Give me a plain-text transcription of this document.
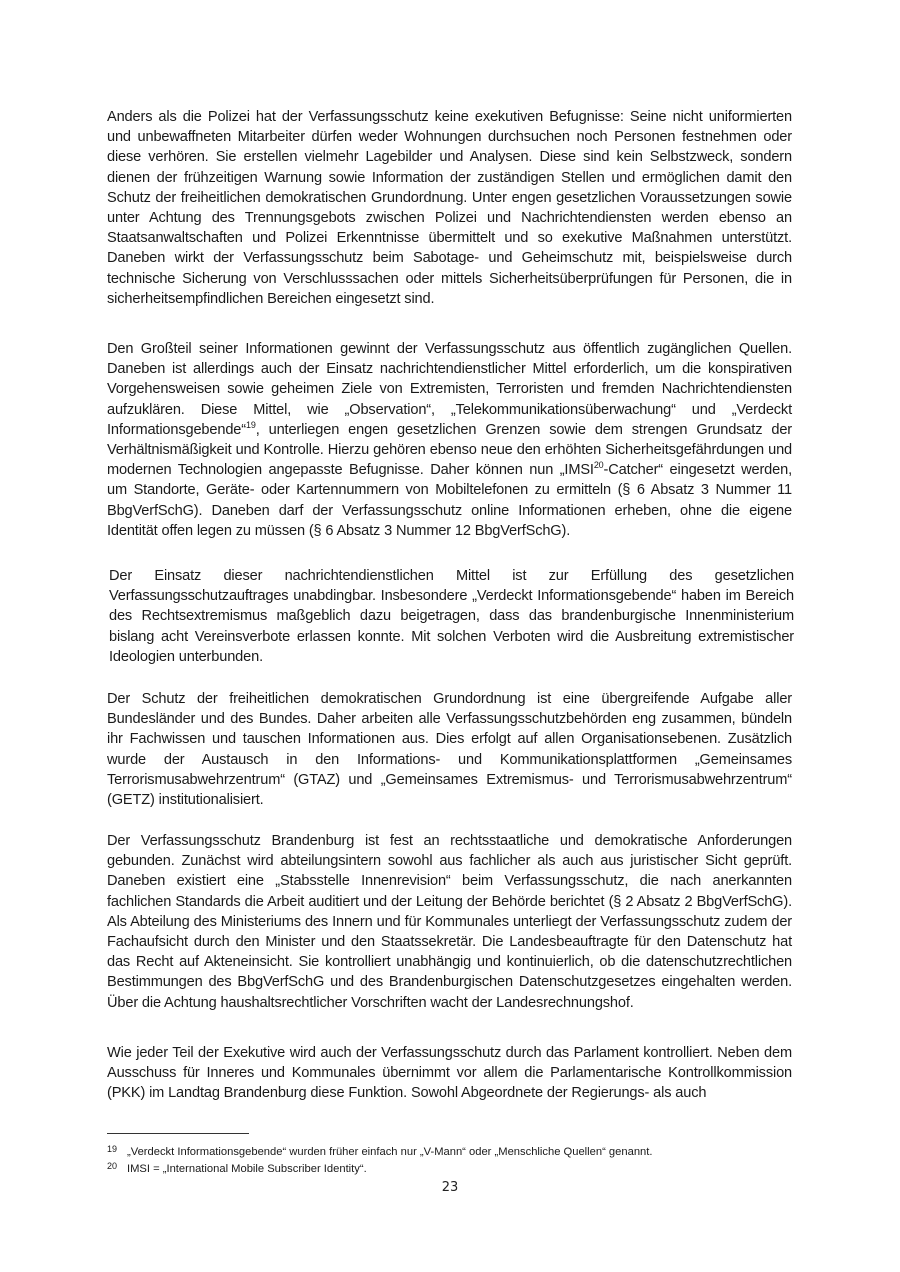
Anders als die Polizei hat der Verfassungsschutz keine exekutiven Befugnisse: Seine nicht uniformierten und unbewaffneten Mitarbeiter dürfen weder Wohnungen durchsuchen noch Personen festnehmen oder diese verhören. Sie erstellen vielmehr Lagebilder und Analysen. Diese sind kein Selbstzweck, sondern dienen der frühzeitigen Warnung sowie Information der zuständigen Stellen und ermöglichen damit den Schutz der freiheitlichen demokratischen Grundordnung. Unter engen gesetzlichen Voraussetzungen sowie unter Achtung des Trennungsgebots zwischen Polizei und Nachrichtendiensten werden ebenso an Staatsanwaltschaften und Polizei Erkenntnisse übermittelt und so exekutive Maßnahmen unterstützt. Daneben wirkt der Verfassungsschutz beim Sabotage- und Geheimschutz mit, beispielsweise durch technische Sicherung von Verschlusssachen oder mittels Sicherheitsüberprüfungen für Personen, die in sicherheitsempfindlichen Bereichen eingesetzt sind.

Den Großteil seiner Informationen gewinnt der Verfassungsschutz aus öffentlich zugänglichen Quellen. Daneben ist allerdings auch der Einsatz nachrichtendienstlicher Mittel erforderlich, um die konspirativen Vorgehensweisen sowie geheimen Ziele von Extremisten, Terroristen und fremden Nachrichtendiensten aufzuklären. Diese Mittel, wie „Observation“, „Telekommunikationsüberwachung“ und „Verdeckt Informationsgebende“$^{19}$, unterliegen engen gesetzlichen Grenzen sowie dem strengen Grundsatz der Verhältnismäßigkeit und Kontrolle. Hierzu gehören ebenso neue den erhöhten Sicherheitsgefährdungen und modernen Technologien angepasste Befugnisse. Daher können nun „IMSI$^{20}$-Catcher“ eingesetzt werden, um Standorte, Geräte- oder Kartennummern von Mobiltelefonen zu ermitteln (§ 6 Absatz 3 Nummer 11 BbgVerfSchG). Daneben darf der Verfassungsschutz online Informationen erheben, ohne die eigene Identität offen legen zu müssen (§ 6 Absatz 3 Nummer 12 BbgVerfSchG).

Der Einsatz dieser nachrichtendienstlichen Mittel ist zur Erfüllung des gesetzlichen Verfassungsschutzauftrages unabdingbar. Insbesondere „Verdeckt Informationsgebende“ haben im Bereich des Rechtsextremismus maßgeblich dazu beigetragen, dass das brandenburgische Innenministerium bislang acht Vereinsverbote erlassen konnte. Mit solchen Verboten wird die Ausbreitung extremistischer Ideologien unterbunden.

Der Schutz der freiheitlichen demokratischen Grundordnung ist eine übergreifende Aufgabe aller Bundesländer und des Bundes. Daher arbeiten alle Verfassungsschutzbehörden eng zusammen, bündeln ihr Fachwissen und tauschen Informationen aus. Dies erfolgt auf allen Organisationsebenen. Zusätzlich wurde der Austausch in den Informations- und Kommunikationsplattformen „Gemeinsames Terrorismusabwehrzentrum“ (GTAZ) und „Gemeinsames Extremismus- und Terrorismusabwehrzentrum“ (GETZ) institutionalisiert.

Der Verfassungsschutz Brandenburg ist fest an rechtsstaatliche und demokratische Anforderungen gebunden. Zunächst wird abteilungsintern sowohl aus fachlicher als auch aus juristischer Sicht geprüft. Daneben existiert eine „Stabsstelle Innenrevision“ beim Verfassungsschutz, die nach anerkannten fachlichen Standards die Arbeit auditiert und der Leitung der Behörde berichtet (§ 2 Absatz 2 BbgVerfSchG). Als Abteilung des Ministeriums des Innern und für Kommunales unterliegt der Verfassungsschutz zudem der Fachaufsicht durch den Minister und den Staatssekretär. Die Landesbeauftragte für den Datenschutz hat das Recht auf Akteneinsicht. Sie kontrolliert unabhängig und kontinuierlich, ob die datenschutzrechtlichen Bestimmungen des BbgVerfSchG und des Brandenburgischen Datenschutzgesetzes eingehalten werden. Über die Achtung haushaltsrechtlicher Vorschriften wacht der Landesrechnungshof.

Wie jeder Teil der Exekutive wird auch der Verfassungsschutz durch das Parlament kontrolliert. Neben dem Ausschuss für Inneres und Kommunales übernimmt vor allem die Parlamentarische Kontrollkommission (PKK) im Landtag Brandenburg diese Funktion. Sowohl Abgeordnete der Regierungs- als auch

19 „Verdeckt Informationsgebende“ wurden früher einfach nur „V-Mann“ oder „Menschliche Quellen“ genannt.
20 IMSI = „International Mobile Subscriber Identity“.
23
